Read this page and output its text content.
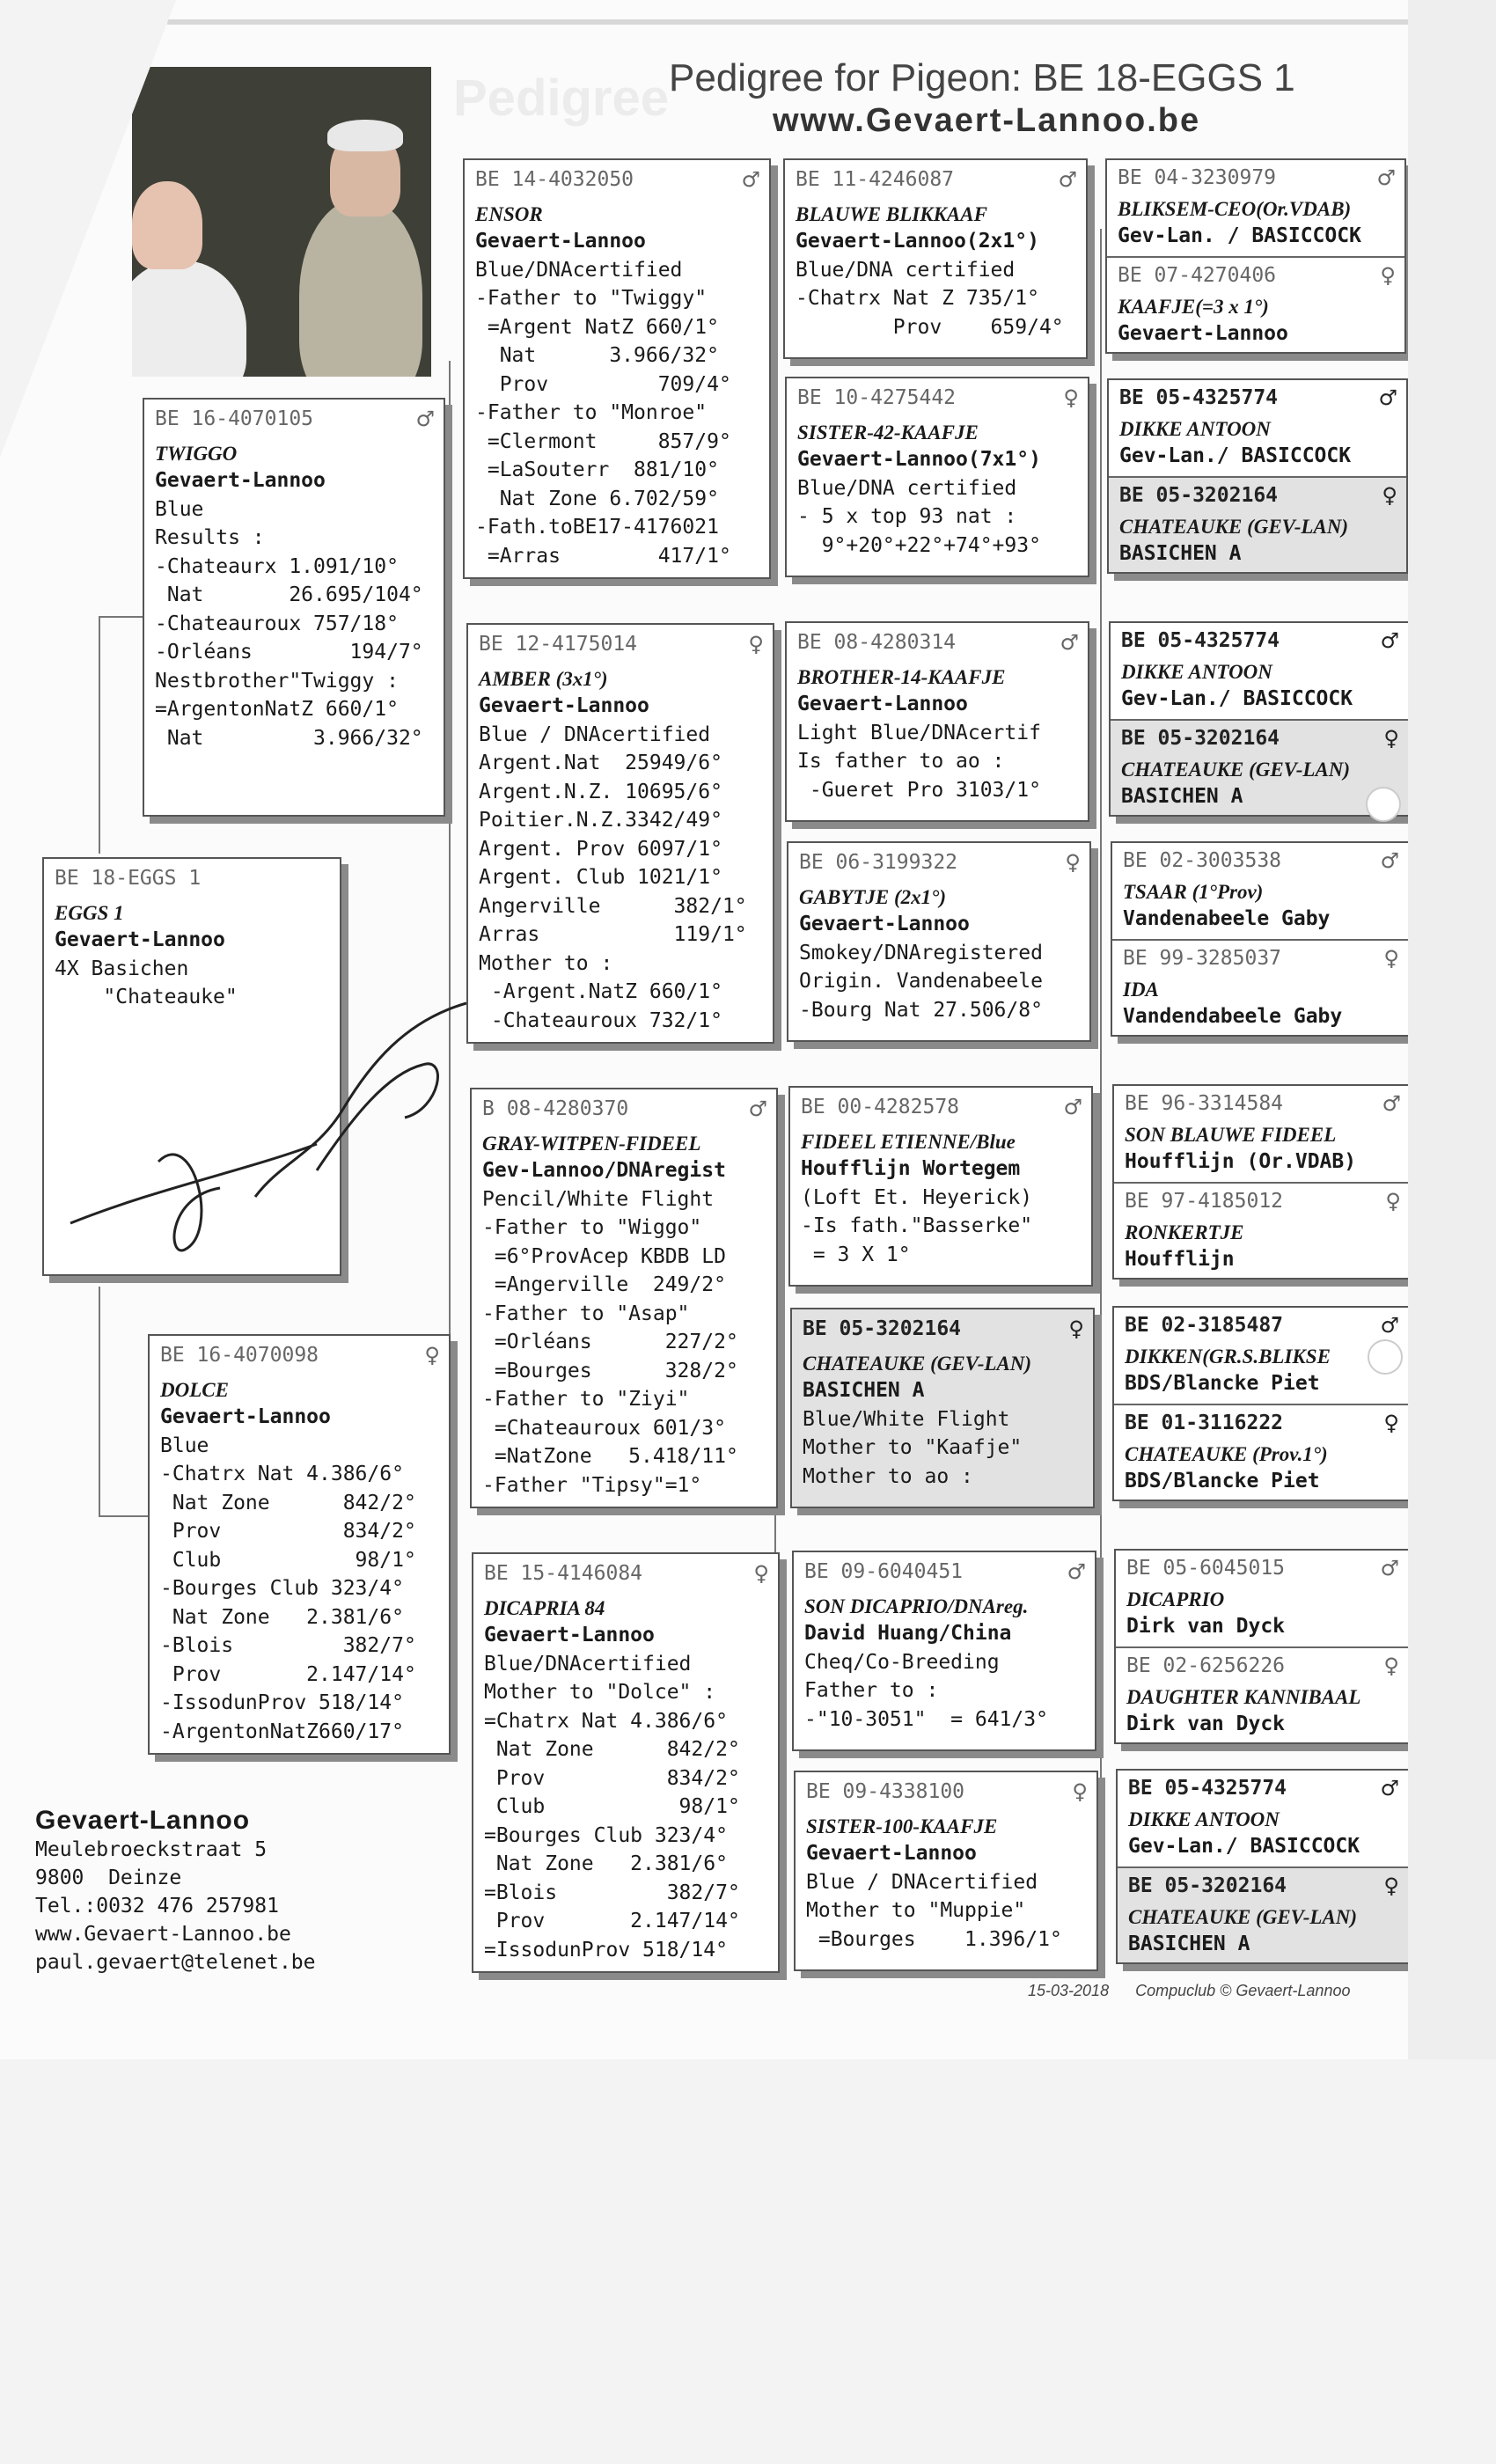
Pedigree Pedigree for Pigeon: BE 18-EGGS 1
www.Gevaert-Lannoo.be
BE 18-EGGS 1
EGGS 1
Gevaert-Lannoo
4X Basichen
"Chateauke"
BE 16-4070105	♂
TWIGGO
Gevaert-Lannoo
Blue
Results :
-Chateaurx 1.091/10°
Nat       26.695/104°
-Chateauroux 757/18°
-Orléans        194/7°
Nestbrother"Twiggy :
=ArgentonNatZ 660/1°
Nat         3.966/32°
BE 16-4070098	♀
DOLCE
Gevaert-Lannoo
Blue
-Chatrx Nat 4.386/6°
Nat Zone      842/2°
Prov          834/2°
Club           98/1°
-Bourges Club 323/4°
Nat Zone   2.381/6°
-Blois         382/7°
Prov       2.147/14°
-IssodunProv 518/14°
-ArgentonNatZ660/17°
BE 14-4032050	♂
ENSOR
Gevaert-Lannoo
Blue/DNAcertified
-Father to "Twiggy"
=Argent NatZ 660/1°
Nat      3.966/32°
Prov         709/4°
-Father to "Monroe"
=Clermont     857/9°
=LaSouterr  881/10°
Nat Zone 6.702/59°
-Fath.toBE17-4176021
=Arras        417/1°
BE 12-4175014	♀
AMBER (3x1°)
Gevaert-Lannoo
Blue / DNAcertified
Argent.Nat  25949/6°
Argent.N.Z. 10695/6°
Poitier.N.Z.3342/49°
Argent. Prov 6097/1°
Argent. Club 1021/1°
Angerville      382/1°
Arras           119/1°
Mother to :
-Argent.NatZ 660/1°
-Chateauroux 732/1°
B 08-4280370	♂
GRAY-WITPEN-FIDEEL
Gev-Lannoo/DNAregist
Pencil/White Flight
-Father to "Wiggo"
=6°ProvAcep KBDB LD
=Angerville  249/2°
-Father to "Asap"
=Orléans      227/2°
=Bourges      328/2°
-Father to "Ziyi"
=Chateauroux 601/3°
=NatZone   5.418/11°
-Father "Tipsy"=1°
BE 15-4146084	♀
DICAPRIA 84
Gevaert-Lannoo
Blue/DNAcertified
Mother to "Dolce" :
=Chatrx Nat 4.386/6°
Nat Zone      842/2°
Prov          834/2°
Club           98/1°
=Bourges Club 323/4°
Nat Zone   2.381/6°
=Blois         382/7°
Prov       2.147/14°
=IssodunProv 518/14°
BE 11-4246087	♂
BLAUWE BLIKKAAF
Gevaert-Lannoo(2x1°)
Blue/DNA certified
-Chatrx Nat Z 735/1°
Prov    659/4°
BE 10-4275442	♀
SISTER-42-KAAFJE
Gevaert-Lannoo(7x1°)
Blue/DNA certified
- 5 x top 93 nat :
9°+20°+22°+74°+93°
BE 08-4280314	♂
BROTHER-14-KAAFJE
Gevaert-Lannoo
Light Blue/DNAcertif
Is father to ao :
-Gueret Pro 3103/1°
BE 06-3199322	♀
GABYTJE (2x1°)
Gevaert-Lannoo
Smokey/DNAregistered
Origin. Vandenabeele
-Bourg Nat 27.506/8°
BE 00-4282578	♂
FIDEEL ETIENNE/Blue
Houfflijn Wortegem
(Loft Et. Heyerick)
-Is fath."Basserke"
= 3 X 1°
BE 05-3202164	♀
CHATEAUKE (GEV-LAN)
BASICHEN A
Blue/White Flight
Mother to "Kaafje"
Mother to ao :
BE 09-6040451	♂
SON DICAPRIO/DNAreg.
David Huang/China
Cheq/Co-Breeding
Father to :
-"10-3051"  = 641/3°
BE 09-4338100	♀
SISTER-100-KAAFJE
Gevaert-Lannoo
Blue / DNAcertified
Mother to "Muppie"
=Bourges    1.396/1°
BE 04-3230979	♂
BLIKSEM-CEO(Or.VDAB)
Gev-Lan. / BASICCOCK
BE 07-4270406	♀
KAAFJE(=3 x 1°)
Gevaert-Lannoo
BE 05-4325774	♂
DIKKE ANTOON
Gev-Lan./ BASICCOCK
BE 05-3202164	♀
CHATEAUKE (GEV-LAN)
BASICHEN A
BE 05-4325774	♂
DIKKE ANTOON
Gev-Lan./ BASICCOCK
BE 05-3202164	♀
CHATEAUKE (GEV-LAN)
BASICHEN A
BE 02-3003538	♂
TSAAR (1°Prov)
Vandenabeele Gaby
BE 99-3285037	♀
IDA
Vandendabeele Gaby
BE 96-3314584	♂
SON BLAUWE FIDEEL
Houfflijn (Or.VDAB)
BE 97-4185012	♀
RONKERTJE
Houfflijn
BE 02-3185487	♂
DIKKEN(GR.S.BLIKSE
BDS/Blancke Piet
BE 01-3116222	♀
CHATEAUKE (Prov.1°)
BDS/Blancke Piet
BE 05-6045015	♂
DICAPRIO
Dirk van Dyck
BE 02-6256226	♀
DAUGHTER KANNIBAAL
Dirk van Dyck
BE 05-4325774	♂
DIKKE ANTOON
Gev-Lan./ BASICCOCK
BE 05-3202164	♀
CHATEAUKE (GEV-LAN)
BASICHEN A
Gevaert-Lannoo
Meulebroeckstraat 5
9800  Deinze
Tel.:0032 476 257981
www.Gevaert-Lannoo.be
paul.gevaert@telenet.be
15-03-2018      Compuclub © Gevaert-Lannoo
